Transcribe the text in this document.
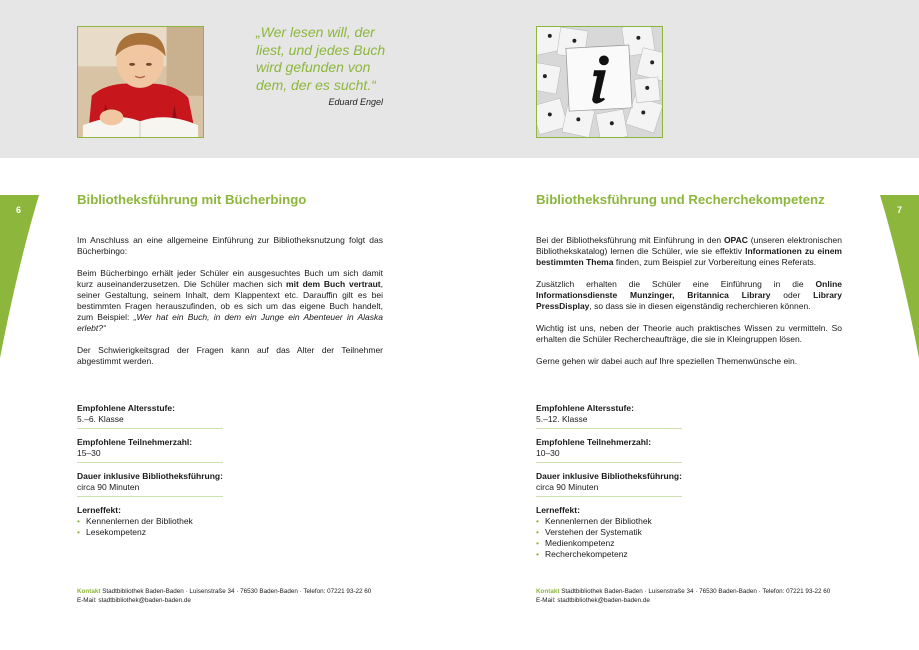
„Wer lesen will, der
liest, und jedes Buch
wird gefunden von
dem, der es sucht.“
Eduard Engel
6	7
Bibliotheksführung mit Bücherbingo

Im Anschluss an eine allgemeine Einführung zur Bibliotheksnutzung folgt das Bücherbingo:

Beim Bücherbingo erhält jeder Schüler ein ausgesuchtes Buch um sich damit kurz auseinanderzusetzen. Die Schüler machen sich mit dem Buch vertraut, seiner Gestaltung, seinem Inhalt, dem Klappentext etc. Darauffin gilt es bei bestimmten Fragen herauszufinden, ob es sich um das eigene Buch handelt, zum Beispiel: „Wer hat ein Buch, in dem ein Junge ein Abenteuer in Alaska erlebt?“

Der Schwierigkeitsgrad der Fragen kann auf das Alter der Teilnehmer abgestimmt werden.

Empfohlene Altersstufe:
5.–6. Klasse
Empfohlene Teilnehmerzahl:
15–30
Dauer inklusive Bibliotheksführung:
circa 90 Minuten
Lerneffekt:
• Kennenlernen der Bibliothek
• Lesekompetenz
Kontakt Stadtbibliothek Baden-Baden · Luisenstraße 34 · 76530 Baden-Baden · Telefon: 07221 93-22 60
E-Mail: stadtbibliothek@baden-baden.de
Bibliotheksführung und Recherchekompetenz

Bei der Bibliotheksführung mit Einführung in den OPAC (unseren elektronischen Bibliothekskatalog) lernen die Schüler, wie sie effektiv Informationen zu einem bestimmten Thema finden, zum Beispiel zur Vorbereitung eines Referats.

Zusätzlich erhalten die Schüler eine Einführung in die Online Informationsdienste Munzinger, Britannica Library oder Library PressDisplay, so dass sie in diesen eigenständig recherchieren können.

Wichtig ist uns, neben der Theorie auch praktisches Wissen zu vermitteln. So erhalten die Schüler Rechercheaufträge, die sie in Kleingruppen lösen.

Gerne gehen wir dabei auch auf Ihre speziellen Themenwünsche ein.

Empfohlene Altersstufe:
5.–12. Klasse
Empfohlene Teilnehmerzahl:
10–30
Dauer inklusive Bibliotheksführung:
circa 90 Minuten
Lerneffekt:
• Kennenlernen der Bibliothek
• Verstehen der Systematik
• Medienkompetenz
• Recherchekompetenz
Kontakt Stadtbibliothek Baden-Baden · Luisenstraße 34 · 76530 Baden-Baden · Telefon: 07221 93-22 60
E-Mail: stadtbibliothek@baden-baden.de
